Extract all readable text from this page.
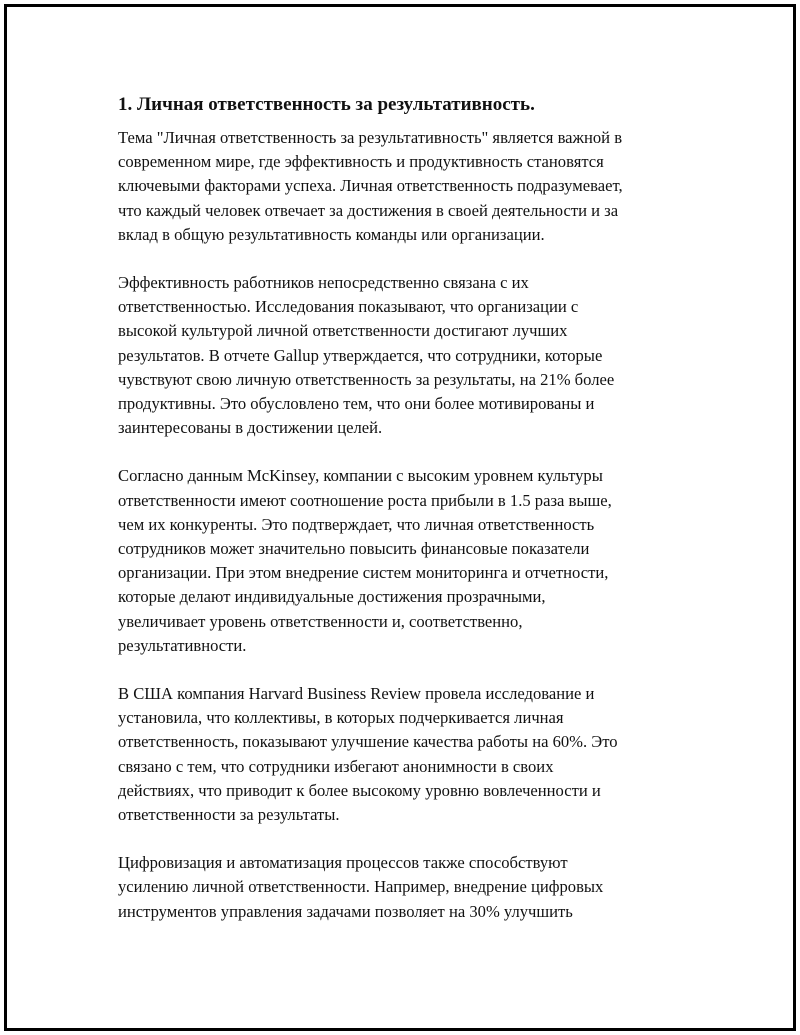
1. Личная ответственность за результативность.
Тема "Личная ответственность за результативность" является важной в
современном мире, где эффективность и продуктивность становятся
ключевыми факторами успеха. Личная ответственность подразумевает,
что каждый человек отвечает за достижения в своей деятельности и за
вклад в общую результативность команды или организации.
Эффективность работников непосредственно связана с их
ответственностью. Исследования показывают, что организации с
высокой культурой личной ответственности достигают лучших
результатов. В отчете Gallup утверждается, что сотрудники, которые
чувствуют свою личную ответственность за результаты, на 21% более
продуктивны. Это обусловлено тем, что они более мотивированы и
заинтересованы в достижении целей.
Согласно данным McKinsey, компании с высоким уровнем культуры
ответственности имеют соотношение роста прибыли в 1.5 раза выше,
чем их конкуренты. Это подтверждает, что личная ответственность
сотрудников может значительно повысить финансовые показатели
организации. При этом внедрение систем мониторинга и отчетности,
которые делают индивидуальные достижения прозрачными,
увеличивает уровень ответственности и, соответственно,
результативности.
В США компания Harvard Business Review провела исследование и
установила, что коллективы, в которых подчеркивается личная
ответственность, показывают улучшение качества работы на 60%. Это
связано с тем, что сотрудники избегают анонимности в своих
действиях, что приводит к более высокому уровню вовлеченности и
ответственности за результаты.
Цифровизация и автоматизация процессов также способствуют
усилению личной ответственности. Например, внедрение цифровых
инструментов управления задачами позволяет на 30% улучшить
